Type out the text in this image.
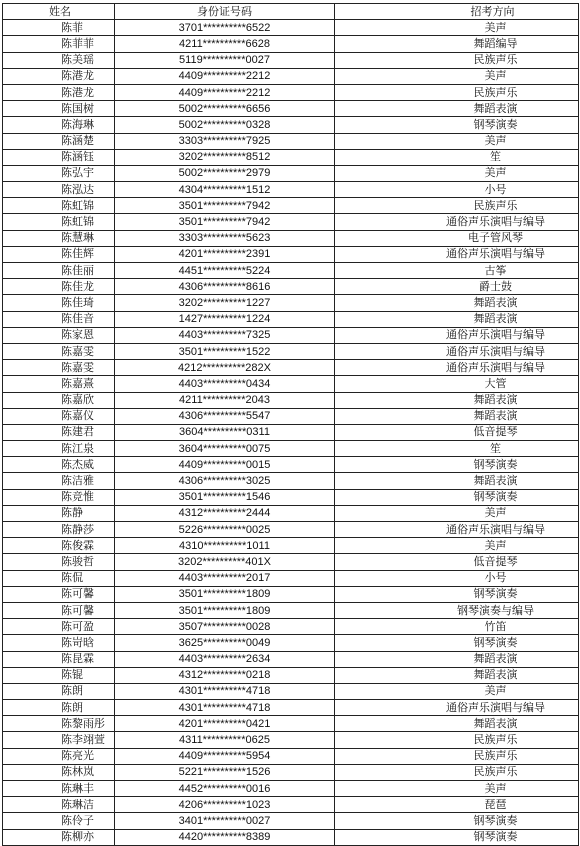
姓名	身份证号码	招考方向
陈菲	3701**********6522	美声
陈菲菲	4211**********6628	舞蹈编导
陈美瑶	5119**********0027	民族声乐
陈港龙	4409**********2212	美声
陈港龙	4409**********2212	民族声乐
陈国树	5002**********6656	舞蹈表演
陈海琳	5002**********0328	钢琴演奏
陈涵楚	3303**********7925	美声
陈涵钰	3202**********8512	笙
陈弘宇	5002**********2979	美声
陈泓达	4304**********1512	小号
陈虹锦	3501**********7942	民族声乐
陈虹锦	3501**********7942	通俗声乐演唱与编导
陈慧琳	3303**********5623	电子管风琴
陈佳辉	4201**********2391	通俗声乐演唱与编导
陈佳丽	4451**********5224	古筝
陈佳龙	4306**********8616	爵士鼓
陈佳琦	3202**********1227	舞蹈表演
陈佳音	1427**********1224	舞蹈表演
陈家恩	4403**********7325	通俗声乐演唱与编导
陈嘉雯	3501**********1522	通俗声乐演唱与编导
陈嘉雯	4212**********282X	通俗声乐演唱与编导
陈嘉熹	4403**********0434	大管
陈嘉欣	4211**********2043	舞蹈表演
陈嘉仪	4306**********5547	舞蹈表演
陈建君	3604**********0311	低音提琴
陈江泉	3604**********0075	笙
陈杰威	4409**********0015	钢琴演奏
陈洁雅	4306**********3025	舞蹈表演
陈竞惟	3501**********1546	钢琴演奏
陈静	4312**********2444	美声
陈静莎	5226**********0025	通俗声乐演唱与编导
陈俊霖	4310**********1011	美声
陈骏哲	3202**********401X	低音提琴
陈侃	4403**********2017	小号
陈可馨	3501**********1809	钢琴演奏
陈可馨	3501**********1809	钢琴演奏与编导
陈可盈	3507**********0028	竹笛
陈岢晗	3625**********0049	钢琴演奏
陈昆霖	4403**********2634	舞蹈表演
陈锟	4312**********0218	舞蹈表演
陈朗	4301**********4718	美声
陈朗	4301**********4718	通俗声乐演唱与编导
陈黎雨彤	4201**********0421	舞蹈表演
陈李翊萱	4311**********0625	民族声乐
陈亮光	4409**********5954	民族声乐
陈林岚	5221**********1526	民族声乐
陈琳丰	4452**********0016	美声
陈琳洁	4206**********1023	琵琶
陈伶子	3401**********0027	钢琴演奏
陈柳亦	4420**********8389	钢琴演奏
